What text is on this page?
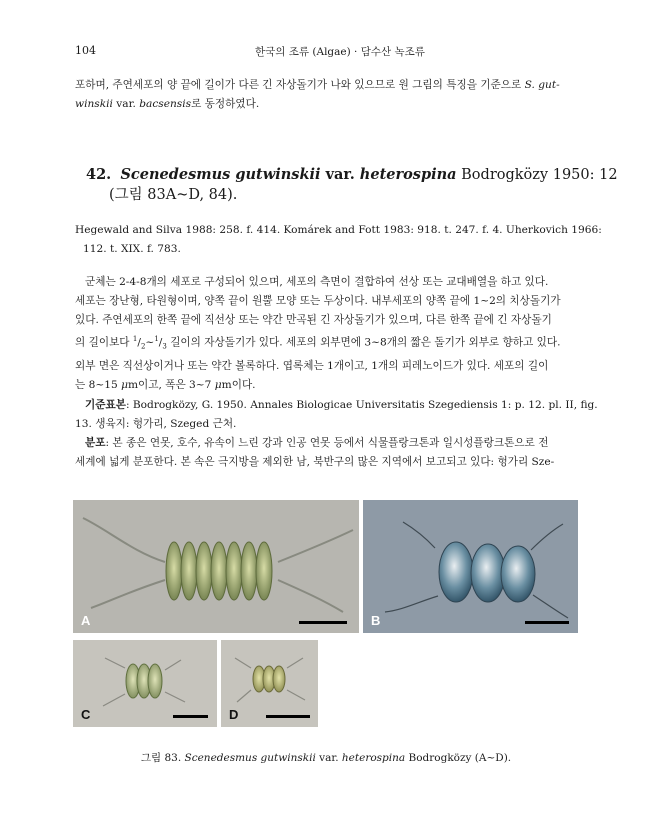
104	한국의 조류 (Algae) · 담수산 녹조류
포하며, 주연세포의 양 끝에 길이가 다른 긴 자상돌기가 나와 있으므로 원 그림의 특징을 기준으로 S. gut-
winskii var. bacsensis로 동정하였다.
42. Scenedesmus gutwinskii var. heterospina Bodrogközy 1950: 12
(그림 83A~D, 84).
Hegewald and Silva 1988: 258. f. 414. Komárek and Fott 1983: 918. t. 247. f. 4. Uherkovich 1966:
112. t. XIX. f. 783.
군체는 2-4-8개의 세포로 구성되어 있으며, 세포의 측면이 결합하여 선상 또는 교대배열을 하고 있다.
세포는 장난형, 타원형이며, 양쪽 끝이 원뿔 모양 또는 두상이다. 내부세포의 양쪽 끝에 1~2의 치상돌기가
있다. 주연세포의 한쪽 끝에 직선상 또는 약간 만곡된 긴 자상돌기가 있으며, 다른 한쪽 끝에 긴 자상돌기
의 길이보다 $^1/_2\sim^1/_3$ 길이의 자상돌기가 있다. 세포의 외부면에 3~8개의 짧은 돌기가 외부로 향하고 있다.
외부 면은 직선상이거나 또는 약간 볼록하다. 엽록체는 1개이고, 1개의 피레노이드가 있다. 세포의 길이
는 8~15 μm이고, 폭은 3~7 μm이다.
기준표본: Bodrogközy, G. 1950. Annales Biologicae Universitatis Szegediensis 1: p. 12. pl. II, fig.
13. 생육지: 헝가리, Szeged 근처.
분포: 본 종은 연못, 호수, 유속이 느린 강과 인공 연못 등에서 식물플랑크톤과 일시성플랑크톤으로 전
세계에 넓게 분포한다. 본 속은 극지방을 제외한 남, 북반구의 많은 지역에서 보고되고 있다: 헝가리 Sze-
A	B
C	D
그림 83. Scenedesmus gutwinskii var. heterospina Bodrogközy (A~D).
